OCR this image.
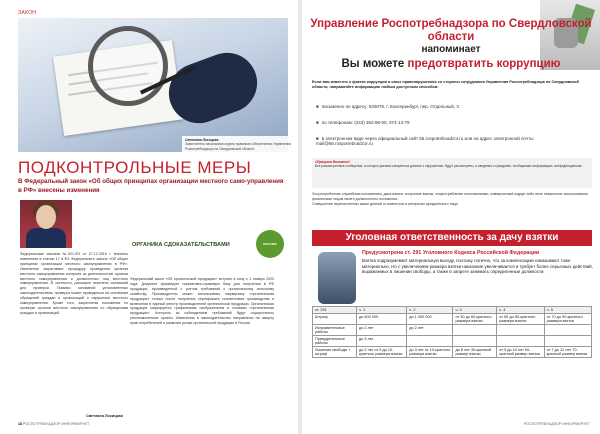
ЗАКОН
Светлана Лосицкая
Заместитель начальника отдела правового обеспечения Управления Роспотребнадзора по Свердловской области
ПОДКОНТРОЛЬНЫЕ МЕРЫ
В Федеральный закон «Об общих принципах организации местного само-управления в РФ» внесены изменения
ОРГАНИКА СДОКАЗАТЕЛЬСТВАМИ	ORGANIC
Федеральным законом №521-ФЗ от 27.12.2018 г. внесены изменения в статью 17 в ФЗ Федерального закона «Об общих принципах организации местного самоуправления в РФ». Изменения затрагивают процедуру проведения органом местного самоуправления контроля за деятельностью органов местного самоуправления и должностных лиц местного самоуправления. В частности, расширен перечень оснований для проверки. Помимо оснований установленных законодательством, проверка может проводиться на основании обращений граждан и организаций о нарушении местного самоуправления. Кроме того, закреплены положения по проверке органов местного самоуправления по обращениям граждан и организаций.
Федеральный закон «Об органической продукции» вступил в силу с 1 января 2020 года. Документ формирует нормативно-правовую базу для получения в РФ продукции, произведенной с учетом требований к органическому сельскому хозяйству. Производитель может использовать маркировку «органическая продукция» только после получения сертификата соответствия производства и включения в единый реестр производителей органической продукции. Органическая продукция маркируется графическим изображением и словами «органическая продукция». Контроль за соблюдением требований будут осуществлять уполномоченные органы. Изменения в законодательство направлены на защиту прав потребителей и развитие рынка органической продукции в России.
Светлана Лосицкая
18 РОСПОТРЕБНАДЗОР ИНФОРМИРУЕТ
Управление Роспотребнадзора по Свердловской области
напоминает
Вы можете предотвратить коррупцию
Если вам известно о фактах коррупции и иных правонарушениях со стороны сотрудников Управления Роспотребнадзора по Свердловской области, направляйте информацию любым доступным способом:
■ письменно по адресу: 620078, г. Екатеринбург, пер. Отдельный, 3
■ по телефонам: (343) 362-86-00, 374-13-79
■ в электронном виде через официальный сайт 66.rospotrebnadzor.ru или на адрес электронной почты mail@66.rospotrebnadzor.ru
Обращаем Внимание!
Все рассмотренные сообщения, в которых указаны конкретные данные о нарушениях, будут рассмотрены, а сведения о гражданах, сообщивших информацию, конфиденциальны.
Злоупотребление служебным положением, дача взятки, получение взятки, злоупотребление полномочиями, коммерческий подкуп либо иное незаконное использование физическим лицом своего должностного положения.
Совершение перечисленных выше деяний от имени или в интересах юридического лица.
Уголовная ответственность за дачу взятки
Предусмотрена ст. 291 Уголовного Кодекса Российской Федерации
Взятка подразумевает материальную выгоду, поэтому логично, что за компенсацию наказывают тоже материально. Но с увеличением размера взятки наказание увеличивается и требует более серьезных действий, выражаемых в лишении свободы, а также в запрете занимать определенные должности.
ст. 291	ч. 1	ч. 2	ч. 3	ч. 4	ч. 5
Штраф	до 500 000	до 1 000 000	от 30 до 60-кратного размера взятки	от 60 до 80-кратного размера взятки	от 70 до 90-кратного размера взятки
Исправительные работы	до 2 лет	до 2 лет			
Принудительные работы	до 3 лет				
Лишение свободы + штраф	до 2 лет от 5 до 10-кратного размера взятки	до 3 лет от 10-кратного размера взятки	до 8 лет 30-кратный размер взятки	от 5 до 10 лет 60-кратный размер взятки	от 7 до 12 лет 70-кратный размер взятки
РОСПОТРЕБНАДЗОР ИНФОРМИРУЕТ
